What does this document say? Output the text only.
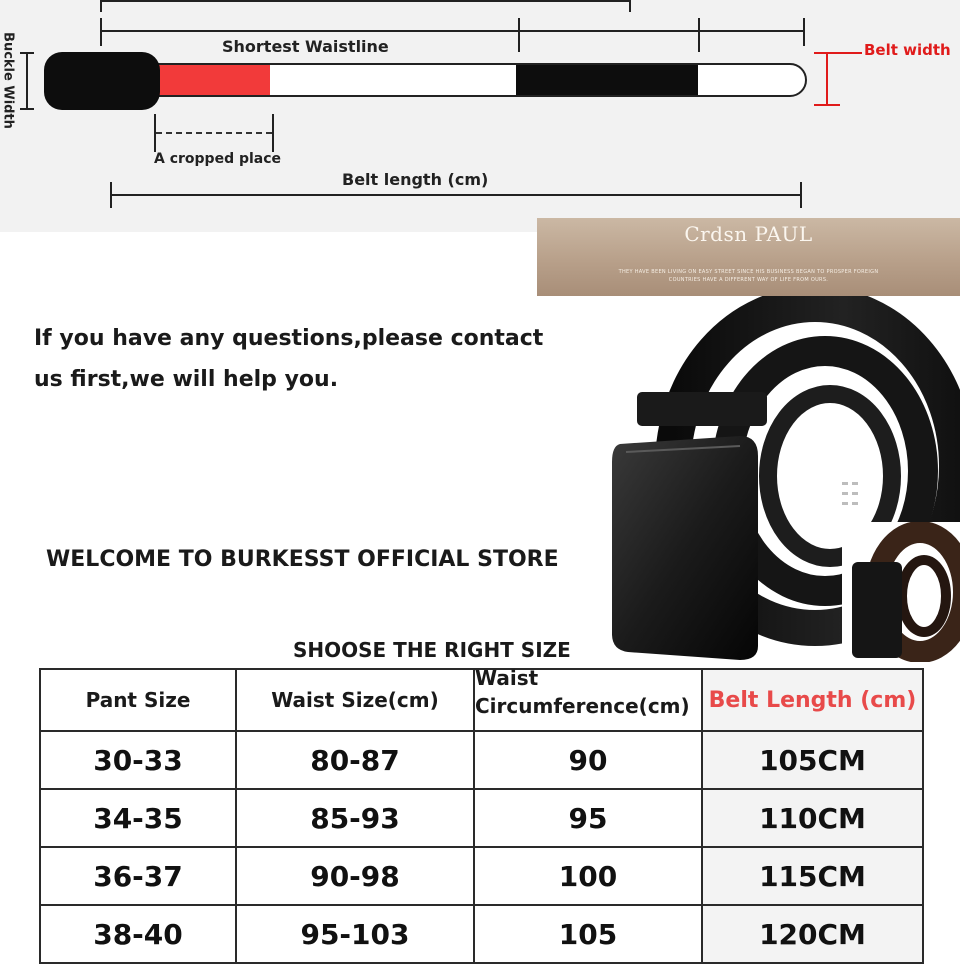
Shortest Waistline
Buckle Width	Belt width
A cropped place
Belt length (cm)
Crdsn PAUL
THEY HAVE BEEN LIVING ON EASY STREET SINCE HIS BUSINESS BEGAN TO PROSPER FOREIGN
COUNTRIES HAVE A DIFFERENT WAY OF LIFE FROM OURS.
If you have any questions,please contact
us first,we will help you.
WELCOME TO BURKESST OFFICIAL STORE
SHOOSE THE RIGHT SIZE
Pant Size	Waist Size(cm)	Waist
Circumference(cm)	Belt Length (cm)
30-33	80-87	90	105CM
34-35	85-93	95	110CM
36-37	90-98	100	115CM
38-40	95-103	105	120CM
